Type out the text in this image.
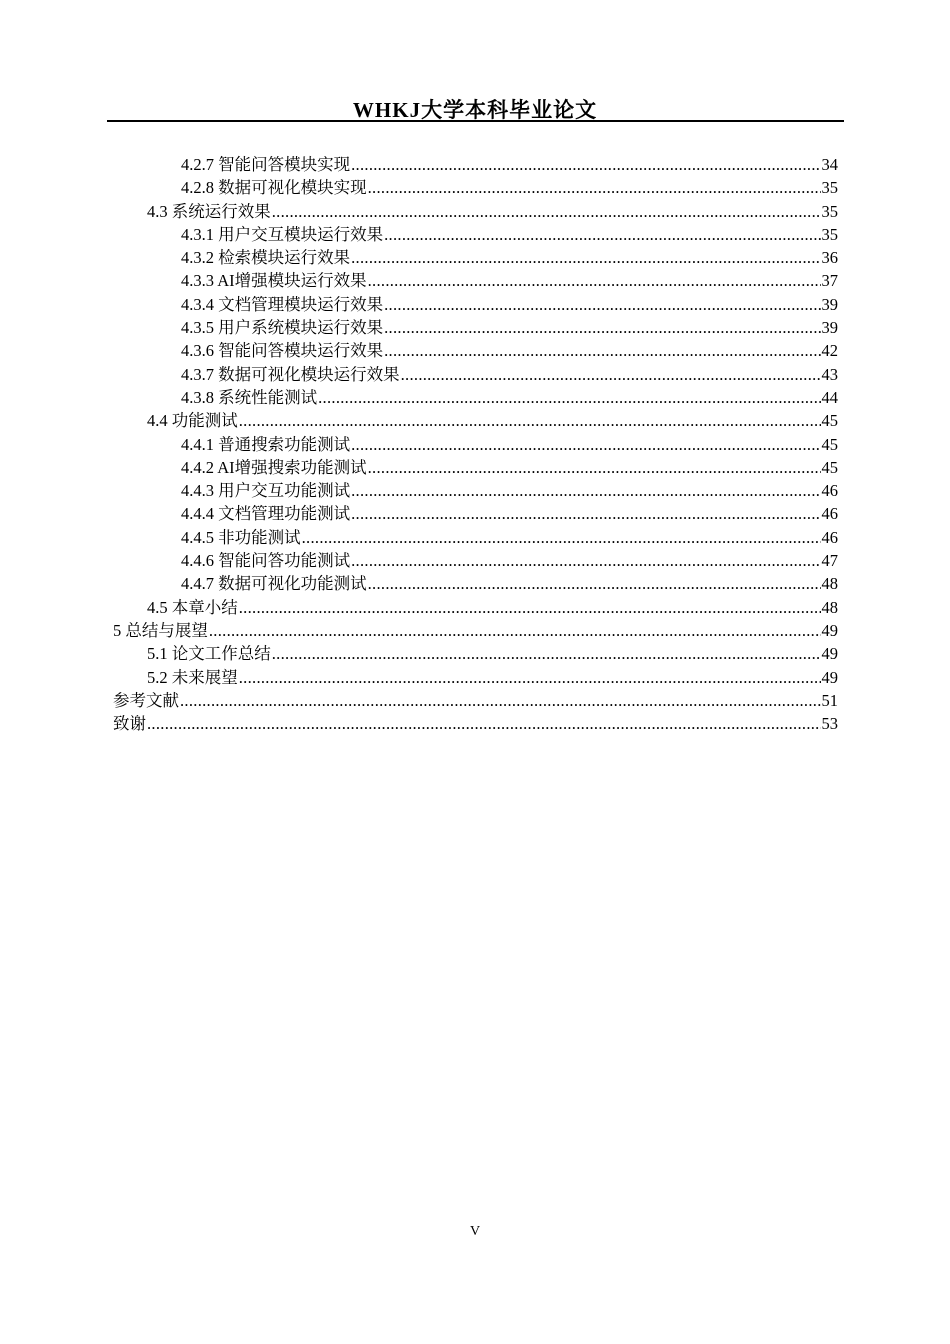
WHKJ大学本科毕业论文
4.2.7 智能问答模块实现 .....	34
4.2.8 数据可视化模块实现 .....	35
4.3 系统运行效果 .....	35
4.3.1 用户交互模块运行效果 .....	35
4.3.2 检索模块运行效果 .....	36
4.3.3 AI增强模块运行效果 .....	37
4.3.4 文档管理模块运行效果 .....	39
4.3.5 用户系统模块运行效果 .....	39
4.3.6 智能问答模块运行效果 .....	42
4.3.7 数据可视化模块运行效果 .....	43
4.3.8 系统性能测试 .....	44
4.4 功能测试 .....	45
4.4.1 普通搜索功能测试 .....	45
4.4.2 AI增强搜索功能测试 .....	45
4.4.3 用户交互功能测试 .....	46
4.4.4 文档管理功能测试 .....	46
4.4.5 非功能测试 .....	46
4.4.6 智能问答功能测试 .....	47
4.4.7 数据可视化功能测试 .....	48
4.5 本章小结 .....	48
5 总结与展望 .....	49
5.1 论文工作总结 .....	49
5.2 未来展望 .....	49
参考文献 .....	51
致谢 .....	53
V
